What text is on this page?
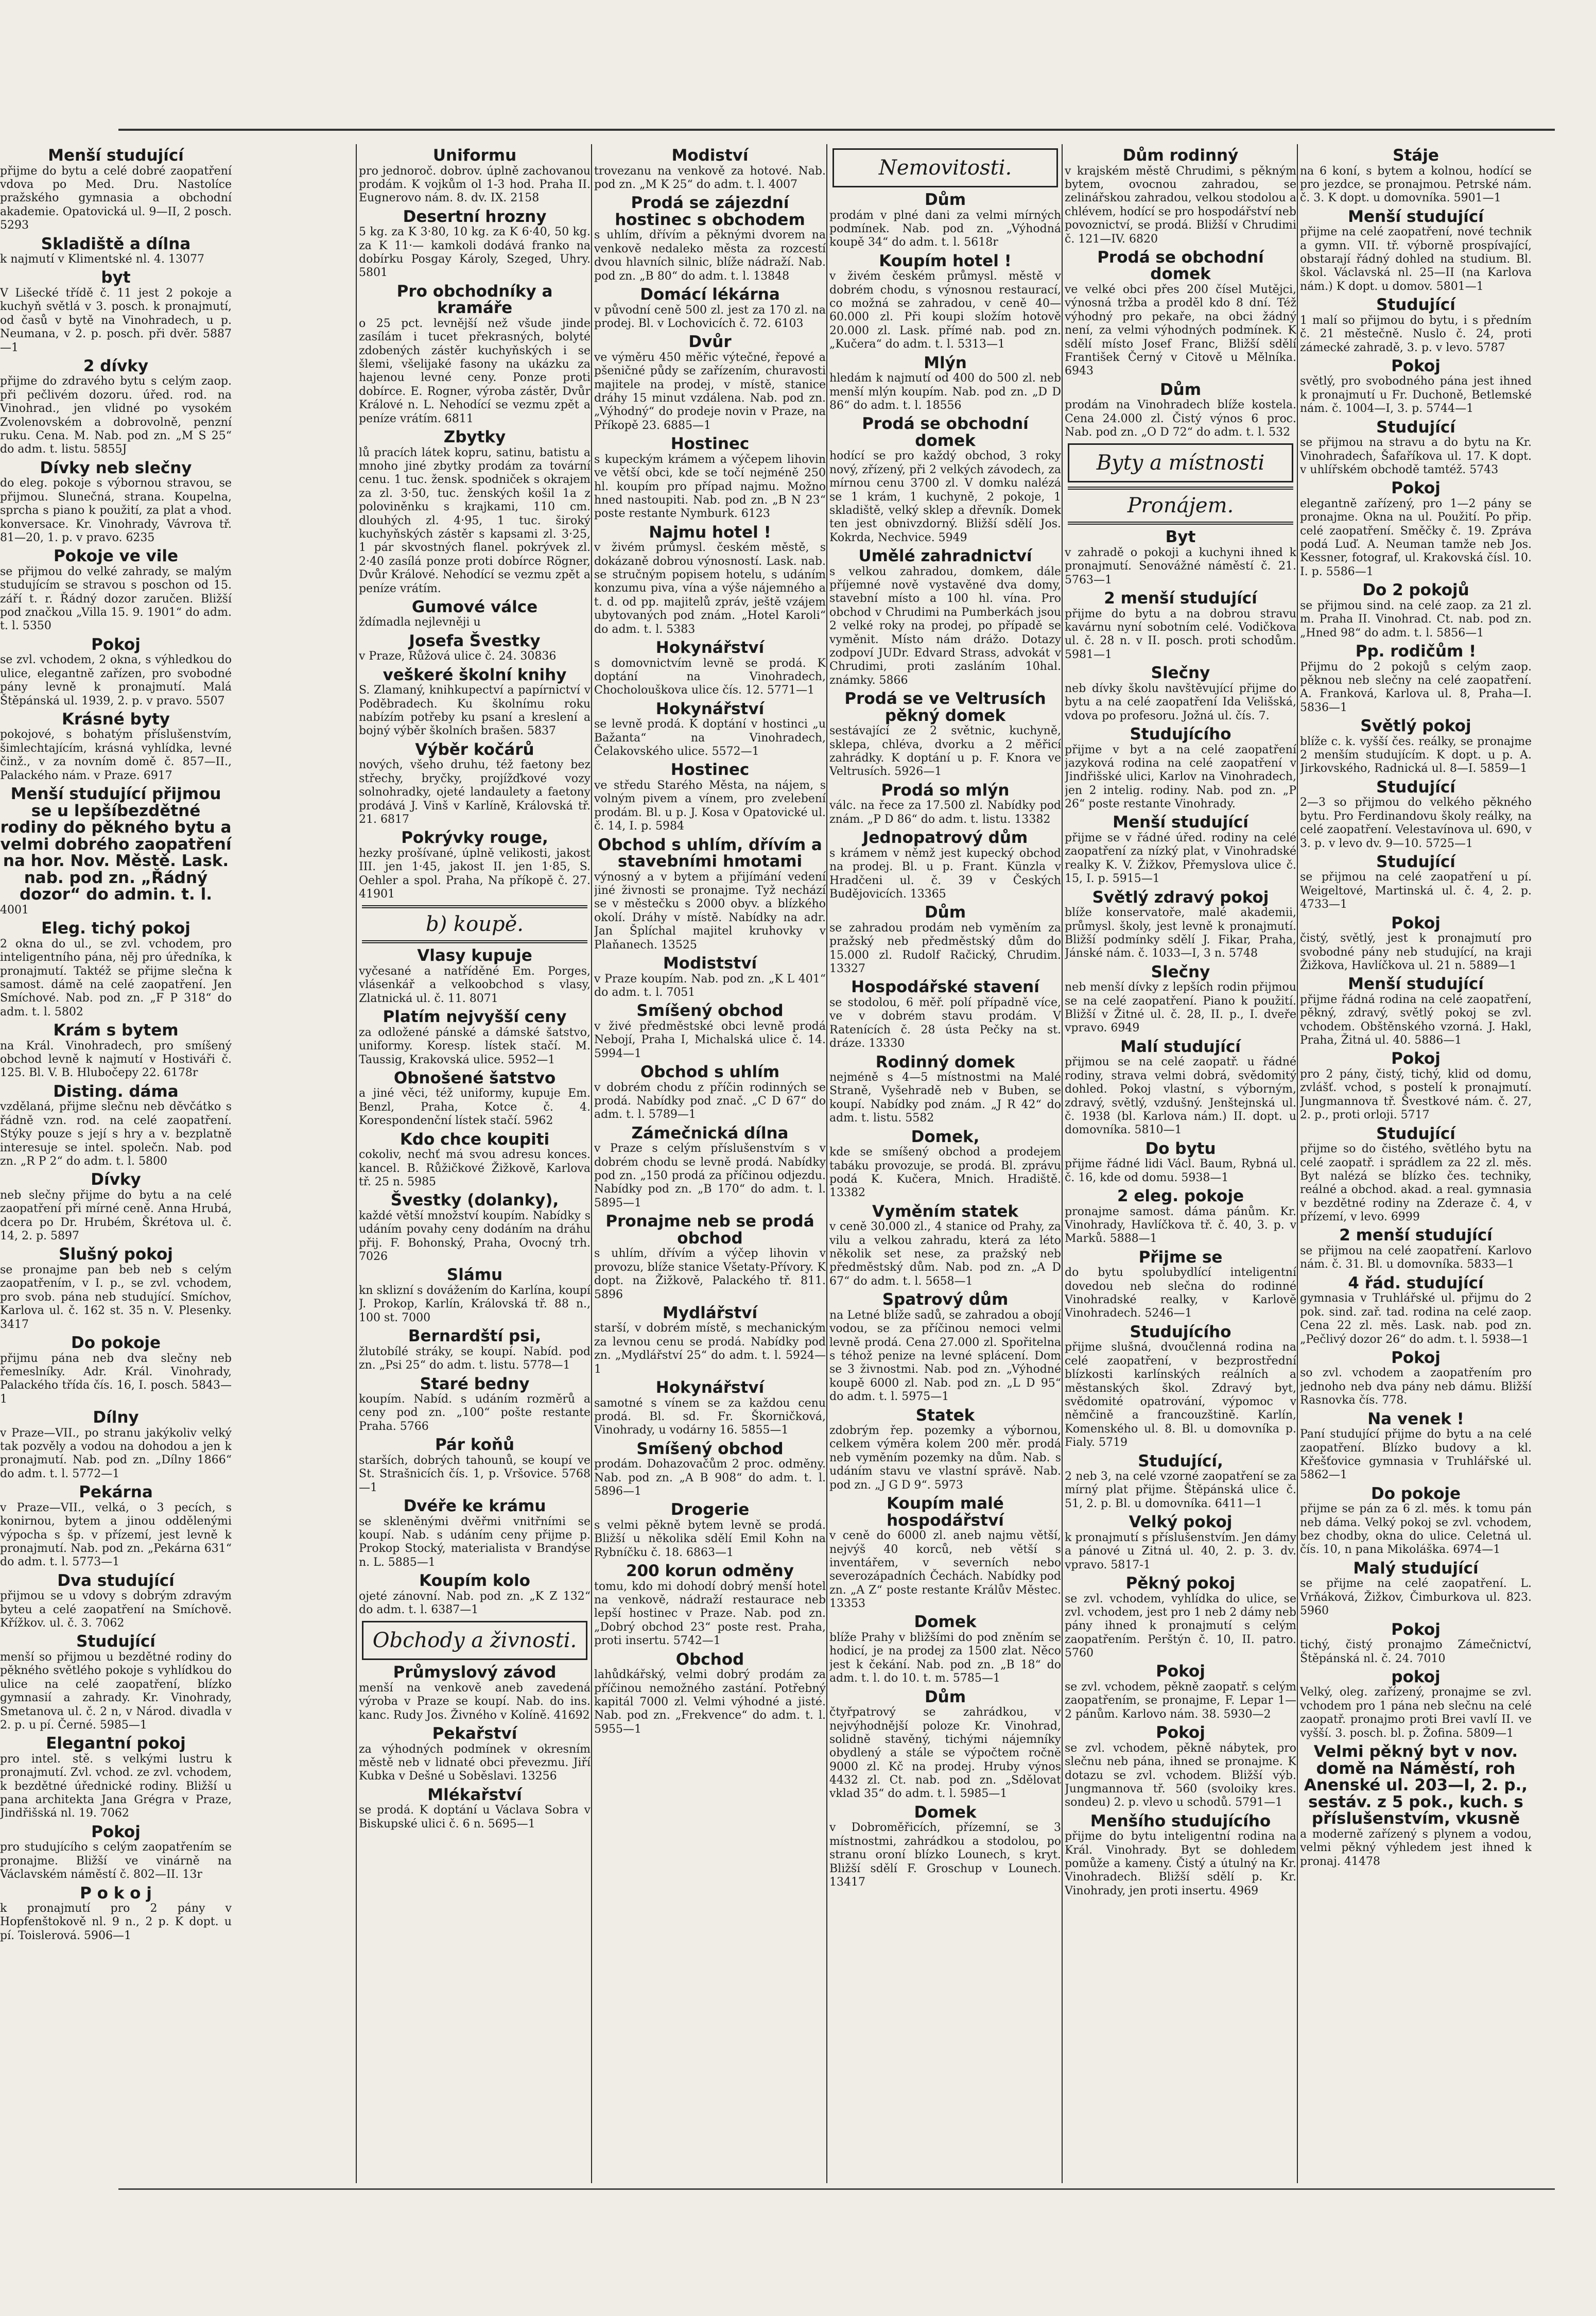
Uniformu
pro jednoroč. dobrov. úplně zachovanou prodám. K vojkům ol 1-3 hod. Praha II. Eugnerovo nám. 8. dv. IX. 2158
Desertní hrozny
5 kg. za K 3·80, 10 kg. za K 6·40, 50 kg. za K 11·— kamkoli dodává franko na dobírku Posgay Károly, Szeged, Uhry. 5801
Pro obchodníky a kramáře
o 25 pct. levnější než všude jinde zasílám i tucet překrasných, bolyté zdobených zástěr kuchyňských i se šlemi, všelijaké fasony na ukázku za hajenou levné ceny. Ponze proti dobírce. E. Rogner, výroba zástěr, Dvůr Králové n. L. Nehodící se vezmu zpět a peníze vrátím. 6811
Zbytky
lů pracích látek kopru, satinu, batistu a mnoho jiné zbytky prodám za tovární cenu. 1 tuc. žensk. spodniček s okrajem za zl. 3·50, tuc. ženských košil 1a z poloviněnku s krajkami, 110 cm. dlouhých zl. 4·95, 1 tuc. široký kuchyňských zástěr s kapsami zl. 3·25, 1 pár skvostných flanel. pokrývek zl. 2·40 zasílá ponze proti dobírce Rögner, Dvůr Králové. Nehodící se vezmu zpět a peníze vrátím.
Gumové válce
ždímadla nejlevněji u
Josefa Švestky
v Praze, Růžová ulice č. 24. 30836
veškeré školní knihy
S. Zlamaný, knihkupectví a papírnictví v Poděbradech. Ku školnímu roku nabízím potřeby ku psaní a kreslení a bojný výběr školních brašen. 5837
Výběr kočárů
nových, všeho druhu, též faetony bez střechy, bryčky, projížďkové vozy solnohradky, ojeté landaulety a faetony prodává J. Vinš v Karlíně, Královská tř. 21. 6817
Pokrývky rouge,
hezky prošívané, úplně velikosti, jakost III. jen 1·45, jakost II. jen 1·85, S. Oehler a spol. Praha, Na příkopě č. 27. 41901
b) koupě.
Vlasy kupuje
vyčesané a natříděné Em. Porges, vlásenkář a velkoobchod s vlasy, Zlatnická ul. č. 11. 8071
Platím nejvyšší ceny
za odložené pánské a dámské šatstvo, uniformy. Koresp. lístek stačí. M. Taussig, Krakovská ulice. 5952—1
Obnošené šatstvo
a jiné věci, též uniformy, kupuje Em. Benzl, Praha, Kotce č. 4. Korespondenční lístek stačí. 5962
Kdo chce koupiti
cokoliv, nechť má svou adresu konces. kancel. B. Růžičkové Žižkově, Karlova tř. 25 n. 5985
Švestky (dolanky),
každé větší množství koupím. Nabídky s udáním povahy ceny dodáním na dráhu přij. F. Bohonský, Praha, Ovocný trh. 7026
Slámu
kn sklizní s dovážením do Karlína, koupí J. Prokop, Karlín, Královská tř. 88 n., 100 st. 7000
Bernardští psi,
žlutobílé stráky, se koupí. Nabíd. pod zn. „Psi 25“ do adm. t. listu. 5778—1
Staré bedny
koupím. Nabíd. s udáním rozměrů a ceny pod zn. „100“ pošte restante Praha. 5766
Pár koňů
starších, dobrých tahounů, se koupí ve St. Strašnicích čís. 1, p. Vršovice. 5768—1
Dvéře ke krámu
se skleněnými dvěřmi vnitřními se koupí. Nab. s udáním ceny přijme p. Prokop Stocký, materialista v Brandýse n. L. 5885—1
Koupím kolo
ojeté zánovní. Nab. pod zn. „K Z 132“ do adm. t. l. 6387—1
Obchody a živnosti.
Průmyslový závod
menší na venkově aneb zavedená výroba v Praze se koupí. Nab. do ins. kanc. Rudy Jos. Živného v Kolíně. 41692
Pekařství
za výhodných podmínek v okresním městě neb v lidnaté obci převezmu. Jiří Kubka v Dešné u Soběslavi. 13256
Mlékařství
se prodá. K doptání u Václava Sobra v Biskupské ulici č. 6 n. 5695—1
Modiství
trovezanu na venkově za hotové. Nab. pod zn. „M K 25“ do adm. t. l. 4007
Prodá se zájezdní hostinec s obchodem
s uhlím, dřívím a pěknými dvorem na venkově nedaleko města za rozcestí dvou hlavních silnic, blíže nádraží. Nab. pod zn. „B 80“ do adm. t. l. 13848
Domácí lékárna
v původní ceně 500 zl. jest za 170 zl. na prodej. Bl. v Lochovicích č. 72. 6103
Dvůr
ve výměru 450 měřic výtečné, řepové a pšeničné půdy se zařízením, churavosti majitele na prodej, v místě, stanice dráhy 15 minut vzdálena. Nab. pod zn. „Výhodný“ do prodeje novin v Praze, na Příkopě 23. 6885—1
Hostinec
s kupeckým krámem a výčepem lihovin ve větší obci, kde se točí nejméně 250 hl. koupím pro případ najmu. Možno hned nastoupiti. Nab. pod zn. „B N 23“ poste restante Nymburk. 6123
Najmu hotel !
v živém průmysl. českém městě, s dokázaně dobrou výnosností. Lask. nab. se stručným popisem hotelu, s udáním konzumu piva, vína a výše nájemného a t. d. od pp. majitelů zpráv, ještě vzájem ubytovaných pod znám. „Hotel Karoli“ do adm. t. l. 5383
Hokynářství
s domovnictvím levně se prodá. K doptání na Vinohradech, Chocholouškova ulice čís. 12. 5771—1
Hokynářství
se levně prodá. K doptání v hostinci „u Bažanta“ na Vinohradech, Čelakovského ulice. 5572—1
Hostinec
ve středu Starého Města, na nájem, s volným pivem a vínem, pro zvelebení prodám. Bl. u p. J. Kosa v Opatovické ul. č. 14, I. p. 5984
Obchod s uhlím, dřívím a stavebními hmotami
výnosný a v bytem a přijímání vedení jiné živnosti se pronajme. Tyž nechází se v městečku s 2000 obyv. a blízkého okolí. Dráhy v místě. Nabídky na adr. Jan Šplíchal majitel kruhovky v Plaňanech. 13525
Modistství
v Praze koupím. Nab. pod zn. „K L 401“ do adm. t. l. 7051
Smíšený obchod
v živé předměstské obci levně prodá Nebojí, Praha I, Michalská ulice č. 14. 5994—1
Obchod s uhlím
v dobrém chodu z příčin rodinných se prodá. Nabídky pod znač. „C D 67“ do adm. t. l. 5789—1
Zámečnická dílna
v Praze s celým příslušenstvím s v dobrém chodu se levně prodá. Nabídky pod zn. „150 prodá za příčinou odjezdu. Nabídky pod zn. „B 170“ do adm. t. l. 5895—1
Pronajme neb se prodá obchod
s uhlím, dřívím a výčep lihovin v provozu, blíže stanice Všetaty-Přívory. K dopt. na Žižkově, Palackého tř. 811. 5896
Mydlářství
starší, v dobrém místě, s mechanickým za levnou cenu se prodá. Nabídky pod zn. „Mydlářství 25“ do adm. t. l. 5924—1
Hokynářství
samotné s vínem se za každou cenu prodá. Bl. sd. Fr. Škorničková, Vinohrady, u vodárny 16. 5855—1
Smíšený obchod
prodám. Dohazovačům 2 proc. odměny. Nab. pod zn. „A B 908“ do adm. t. l. 5896—1
Drogerie
s velmi pěkně bytem levně se prodá. Bližší u několika sdělí Emil Kohn na Rybníčku č. 18. 6863—1
200 korun odměny
tomu, kdo mi dohodí dobrý menší hotel na venkově, nádraží restaurace neb lepší hostinec v Praze. Nab. pod zn. „Dobrý obchod 23“ poste rest. Praha, proti insertu. 5742—1
Obchod
lahůdkářský, velmi dobrý prodám za příčinou nemožného zastání. Potřebný kapitál 7000 zl. Velmi výhodné a jisté. Nab. pod zn. „Frekvence“ do adm. t. l. 5955—1
Nemovitosti.
Dům
prodám v plné dani za velmi mírných podmínek. Nab. pod zn. „Výhodná koupě 34“ do adm. t. l. 5618r
Koupím hotel !
v živém českém průmysl. městě v dobrém chodu, s výnosnou restaurací, co možná se zahradou, v ceně 40—60.000 zl. Při koupi složím hotově 20.000 zl. Lask. přímé nab. pod zn. „Kučera“ do adm. t. l. 5313—1
Mlýn
hledám k najmutí od 400 do 500 zl. neb menší mlýn koupím. Nab. pod zn. „D D 86“ do adm. t. l. 18556
Prodá se obchodní domek
hodící se pro každý obchod, 3 roky nový, zřízený, při 2 velkých závodech, za mírnou cenu 3700 zl. V domku nalézá se 1 krám, 1 kuchyně, 2 pokoje, 1 skladiště, velký sklep a dřevník. Domek ten jest obnivzdorný. Bližší sdělí Jos. Kokrda, Nechvice. 5949
Umělé zahradnictví
s velkou zahradou, domkem, dále příjemné nově vystavěné dva domy, stavební místo a 100 hl. vína. Pro obchod v Chrudimi na Pumberkách jsou 2 velké roky na prodej, po případě se vyměnit. Místo nám drážo. Dotazy zodpoví JUDr. Edvard Strass, advokát v Chrudimi, proti zasláním 10hal. známky. 5866
Prodá se ve Veltrusích pěkný domek
sestávající ze 2 světnic, kuchyně, sklepa, chléva, dvorku a 2 měřicí zahrádky. K doptání u p. F. Knora ve Veltrusích. 5926—1
Prodá so mlýn
válc. na řece za 17.500 zl. Nabídky pod znám. „P D 86“ do adm. t. listu. 13382
Jednopatrový dům
s krámem v němž jest kupecký obchod na prodej. Bl. u p. Frant. Künzla v Hradčeni ul. č. 39 v Českých Budějovicích. 13365
Dům
se zahradou prodám neb vyměním za pražský neb předměstský dům do 15.000 zl. Rudolf Račický, Chrudim. 13327
Hospodářské stavení
se stodolou, 6 měř. polí případně více, ve v dobrém stavu prodám. V Ratenících č. 28 ústa Pečky na st. dráze. 13330
Rodinný domek
nejméně s 4—5 místnostmi na Malé Straně, Vyšehradě neb v Buben, se koupí. Nabídky pod znám. „J R 42“ do adm. t. listu. 5582
Domek,
kde se smíšený obchod a prodejem tabáku provozuje, se prodá. Bl. zprávu podá K. Kučera, Mnich. Hradiště. 13382
Vyměním statek
v ceně 30.000 zl., 4 stanice od Prahy, za vilu a velkou zahradu, která za léto několik set nese, za pražský neb předměstský dům. Nab. pod zn. „A D 67“ do adm. t. l. 5658—1
Spatrový dům
na Letné blíže sadů, se zahradou a obojí vodou, se za příčinou nemoci velmi levně prodá. Cena 27.000 zl. Spořitelna s téhož penize na levné splácení. Dom se 3 živnostmi. Nab. pod zn. „Výhodné koupě 6000 zl. Nab. pod zn. „L D 95“ do adm. t. l. 5975—1
Statek
zdobrým řep. pozemky a výbornou, celkem výměra kolem 200 měr. prodá neb vyměním pozemky na dům. Nab. s udáním stavu ve vlastní správě. Nab. pod zn. „J G D 9“. 5973
Koupím malé hospodářství
v ceně do 6000 zl. aneb najmu větší, nejvýš 40 korců, neb větší s inventářem, v severních nebo severozápadních Čechách. Nabídky pod zn. „A Z“ poste restante Králův Městec. 13353
Domek
blíže Prahy v bližšími do pod zněním se hodicí, je na prodej za 1500 zlat. Něco jest k čekání. Nab. pod zn. „B 18“ do adm. t. l. do 10. t. m. 5785—1
Dům
čtyřpatrový se zahrádkou, v nejvýhodnější poloze Kr. Vinohrad, solidně stavěný, tichými nájemníky obydlený a stále se výpočtem ročně 9000 zl. Kč na prodej. Hruby výnos 4432 zl. Ct. nab. pod zn. „Sdělovat vklad 35“ do adm. t. l. 5985—1
Domek
v Dobroměřicích, přízemní, se 3 místnostmi, zahrádkou a stodolou, po stranu oroní blízko Lounech, s kryt. Bližší sdělí F. Groschup v Lounech. 13417
Dům rodinný
v krajském městě Chrudimi, s pěkným bytem, ovocnou zahradou, se zelinářskou zahradou, velkou stodolou a chlévem, hodící se pro hospodářství neb povoznictví, se prodá. Bližší v Chrudimi č. 121—IV. 6820
Prodá se obchodní domek
ve velké obci přes 200 čísel Mutějci, výnosná tržba a proděl kdo 8 dní. Též výhodný pro pekaře, na obci žádný není, za velmi výhodných podmínek. K sdělí místo Josef Franc, Bližší sdělí František Černý v Citově u Mělníka. 6943
Dům
prodám na Vinohradech blíže kostela. Cena 24.000 zl. Čistý výnos 6 proc. Nab. pod zn. „O D 72“ do adm. t. l. 532
Byty a místnosti
Pronájem.
Byt
v zahradě o pokoji a kuchyni ihned k pronajmutí. Senovážné náměstí č. 21. 5763—1
2 menší studující
přijme do bytu a na dobrou stravu kavárnu nyní sobotním celé. Vodičkova ul. č. 28 n. v II. posch. proti schodům. 5981—1
Slečny
neb dívky školu navštěvující přijme do bytu a na celé zaopatření Ida Velišská, vdova po profesoru. Jožná ul. čís. 7.
Studujícího
přijme v byt a na celé zaopatření jazyková rodina na celé zaopatření v Jindřišské ulici, Karlov na Vinohradech, jen 2 intelig. rodiny. Nab. pod zn. „P 26“ poste restante Vinohrady.
Menší studující
přijme se v řádné úřed. rodiny na celé zaopatření za nízký plat, v Vinohradské realky K. V. Žižkov, Přemyslova ulice č. 15, I. p. 5915—1
Světlý zdravý pokoj
blíže konservatoře, malé akademii, průmysl. školy, jest levně k pronajmutí. Bližší podmínky sdělí J. Fikar, Praha, Jánské nám. č. 1033—I, 3 n. 5748
Slečny
neb menší dívky z lepších rodin přijmou se na celé zaopatření. Piano k použití. Bližší v Žitné ul. č. 28, II. p., I. dveře vpravo. 6949
Malí studující
přijmou se na celé zaopatř. u řádné rodiny, strava velmi dobrá, svědomitý dohled. Pokoj vlastní, s výborným, zdravý, světlý, vzdušný. Jenštejnská ul. č. 1938 (bl. Karlova nám.) II. dopt. u domovníka. 5810—1
Do bytu
přijme řádné lidi Václ. Baum, Rybná ul. č. 16, kde od domu. 5938—1
2 eleg. pokoje
pronajme samost. dáma pánům. Kr. Vinohrady, Havlíčkova tř. č. 40, 3. p. v Marků. 5888—1
Přijme se
do bytu spolubydlící inteligentní dovedou neb slečna do rodinné Vinohradské realky, v Karlově Vinohradech. 5246—1
Studujícího
přijme slušná, dvoučlenná rodina na celé zaopatření, v bezprostřední blízkosti karlínských reálních a městanských škol. Zdravý byt, svědomité opatrování, výpomoc v němčině a francouzštině. Karlín, Komenského ul. 8. Bl. u domovníka p. Fialy. 5719
Studující,
2 neb 3, na celé vzorné zaopatření se za mírný plat přijme. Štěpánská ulice č. 51, 2. p. Bl. u domovníka. 6411—1
Velký pokoj
k pronajmutí s příslušenstvím. Jen dámy a pánové u Zitná ul. 40, 2. p. 3. dv. vpravo. 5817-1
Pěkný pokoj
se zvl. vchodem, vyhlídka do ulice, se zvl. vchodem, jest pro 1 neb 2 dámy neb pány ihned k pronajmutí s celým zaopatřením. Perštýn č. 10, II. patro. 5760
Pokoj
se zvl. vchodem, pěkně zaopatř. s celým zaopatřením, se pronajme, F. Lepar 1—2 pánům. Karlovo nám. 38. 5930—2
Pokoj
se zvl. vchodem, pěkně nábytek, pro slečnu neb pána, ihned se pronajme. K dotazu se zvl. vchodem. Bližší výb. Jungmannova tř. 560 (svoloiky kres. sondeu) 2. p. vlevo u schodů. 5791—1
Menšího studujícího
přijme do bytu inteligentní rodina na Král. Vinohrady. Byt se dohledem pomůže a kameny. Čistý a útulný na Kr. Vinohradech. Bližší sdělí p. Kr. Vinohrady, jen proti insertu. 4969
Stáje
na 6 koní, s bytem a kolnou, hodící se pro jezdce, se pronajmou. Petrské nám. č. 3. K dopt. u domovníka. 5901—1
Menší studující
přijme na celé zaopatření, nové technik a gymn. VII. tř. výborně prospívající, obstarají řádný dohled na studium. Bl. škol. Václavská nl. 25—II (na Karlova nám.) K dopt. u domov. 5801—1
Studující
1 malí so přijmou do bytu, i s předním č. 21 městečně. Nuslo č. 24, proti zámecké zahradě, 3. p. v levo. 5787
Pokoj
světlý, pro svobodného pána jest ihned k pronajmutí u Fr. Duchoně, Betlemské nám. č. 1004—I, 3. p. 5744—1
Studující
se přijmou na stravu a do bytu na Kr. Vinohradech, Šafaříkova ul. 17. K dopt. v uhlířském obchodě tamtéž. 5743
Pokoj
elegantně zařízený, pro 1—2 pány se pronajme. Okna na ul. Použití. Po přip. celé zaopatření. Směčky č. 19. Zpráva podá Luď. A. Neuman tamže neb Jos. Kessner, fotograf, ul. Krakovská čísl. 10. I. p. 5586—1
Do 2 pokojů
se přijmou sind. na celé zaop. za 21 zl. m. Praha II. Vinohrad. Ct. nab. pod zn. „Hned 98“ do adm. t. l. 5856—1
Pp. rodičům !
Přijmu do 2 pokojů s celým zaop. pěknou neb slečny na celé zaopatření. A. Franková, Karlova ul. 8, Praha—I. 5836—1
Světlý pokoj
blíže c. k. vyšší čes. reálky, se pronajme 2 menším studujícím. K dopt. u p. A. Jirkovského, Radnická ul. 8—I. 5859—1
Studující
2—3 so přijmou do velkého pěkného bytu. Pro Ferdinandovu školy reálky, na celé zaopatření. Velestavínova ul. 690, v 3. p. v levo dv. 9—10. 5725—1
Studující
se přijmou na celé zaopatření u pí. Weigeltové, Martinská ul. č. 4, 2. p. 4733—1
Pokoj
čistý, světlý, jest k pronajmutí pro svobodné pány neb studující, na kraji Žižkova, Havlíčkova ul. 21 n. 5889—1
Menší studující
přijme řádná rodina na celé zaopatření, pěkný, zdravý, světlý pokoj se zvl. vchodem. Obštěnského vzorná. J. Hakl, Praha, Žitná ul. 40. 5886—1
Pokoj
pro 2 pány, čistý, tichý, klid od domu, zvlášť. vchod, s postelí k pronajmutí. Jungmannova tř. Švestkové nám. č. 27, 2. p., proti orloji. 5717
Studující
přijme so do čistého, světlého bytu na celé zaopatř. i sprádlem za 22 zl. měs. Byt nalézá se blízko čes. techniky, reálné a obchod. akad. a real. gymnasia v bezdětné rodiny na Zderaze č. 4, v přízemí, v levo. 6999
2 menší studující
se přijmou na celé zaopatření. Karlovo nám. č. 31. Bl. u domovníka. 5833—1
4 řád. studující
gymnasia v Truhlářské ul. přijmu do 2 pok. sind. zař. tad. rodina na celé zaop. Cena 22 zl. měs. Lask. nab. pod zn. „Pečlivý dozor 26“ do adm. t. l. 5938—1
Pokoj
so zvl. vchodem a zaopatřením pro jednoho neb dva pány neb dámu. Bližší Rasnovka čís. 778.
Na venek !
Paní studující přijme do bytu a na celé zaopatření. Blízko budovy a kl. Křešťovice gymnasia v Truhlářské ul. 5862—1
Do pokoje
přijme se pán za 6 zl. měs. k tomu pán neb dáma. Velký pokoj se zvl. vchodem, bez chodby, okna do ulice. Celetná ul. čís. 10, n pana Mikoláška. 6974—1
Malý studující
se přijme na celé zaopatření. L. Vrňáková, Žižkov, Čimburkova ul. 823. 5960
Pokoj
tichý, čistý pronajmo Zámečnictví, Štěpánská nl. č. 24. 7010
pokoj
Velký, oleg. zařízený, pronajme se zvl. vchodem pro 1 pána neb slečnu na celé zaopatř. pronajmo proti Brei vavlí II. ve vyšší. 3. posch. bl. p. Žofina. 5809—1
Velmi pěkný byt v nov. domě na Náměstí, roh Anenské ul. 203—I, 2. p., sestáv. z 5 pok., kuch. s příslušenstvím, vkusně
a moderně zařízený s plynem a vodou, velmi pěkný výhledem jest ihned k pronaj. 41478
Menší studující
přijme do bytu a celé dobré zaopatření vdova po Med. Dru. Nastolíce pražského gymnasia a obchodní akademie. Opatovická ul. 9—II, 2 posch. 5293
Skladiště a dílna
k najmutí v Klimentské nl. 4. 13077
byt
V Lišecké třídě č. 11 jest 2 pokoje a kuchyň světlá v 3. posch. k pronajmutí, od časů v bytě na Vinohradech, u p. Neumana, v 2. p. posch. při dvěr. 5887—1
2 dívky
přijme do zdravého bytu s celým zaop. při pečlivém dozoru. úřed. rod. na Vinohrad., jen vlidné po vysokém Zvolenovském a dobrovolně, penzní ruku. Cena. M. Nab. pod zn. „M S 25“ do adm. t. listu. 5855J
Dívky neb slečny
do eleg. pokoje s výbornou stravou, se přijmou. Slunečná, strana. Koupelna, sprcha s piano k použití, za plat a vhod. konversace. Kr. Vinohrady, Vávrova tř. 81—20, 1. p. v pravo. 6235
Pokoje ve vile
se přijmou do velké zahrady, se malým studujícím se stravou s poschon od 15. září t. r. Řádný dozor zaručen. Bližší pod značkou „Villa 15. 9. 1901“ do adm. t. l. 5350
Pokoj
se zvl. vchodem, 2 okna, s výhledkou do ulice, elegantně zařízen, pro svobodné pány levně k pronajmutí. Malá Štěpánská ul. 1939, 2. p. v pravo. 5507
Krásné byty
pokojové, s bohatým příslušenstvím, šimlechtajícím, krásná vyhlídka, levné činž., v za novním domě č. 857—II., Palackého nám. v Praze. 6917
Menší studující přijmou se u lepšíbezdětné rodiny do pěkného bytu a velmi dobrého zaopatření na hor. Nov. Městě. Lask. nab. pod zn. „Řádný dozor“ do admin. t. l.
4001
Eleg. tichý pokoj
2 okna do ul., se zvl. vchodem, pro inteligentního pána, něj pro úředníka, k pronajmutí. Taktéž se přijme slečna k samost. dámě na celé zaopatření. Jen Smíchové. Nab. pod zn. „F P 318“ do adm. t. l. 5802
Krám s bytem
na Král. Vinohradech, pro smíšený obchod levně k najmutí v Hostiváři č. 125. Bl. V. B. Hlubočepy 22. 6178r
Disting. dáma
vzdělaná, přijme slečnu neb děvčátko s řádně vzn. rod. na celé zaopatření. Stýky pouze s její s hry a v. bezplatně interesuje se intel. společn. Nab. pod zn. „R P 2“ do adm. t. l. 5800
Dívky
neb slečny přijme do bytu a na celé zaopatření při mírné ceně. Anna Hrubá, dcera po Dr. Hrubém, Škrétova ul. č. 14, 2. p. 5897
Slušný pokoj
se pronajme pan beb neb s celým zaopatřením, v I. p., se zvl. vchodem, pro svob. pána neb studující. Smíchov, Karlova ul. č. 162 st. 35 n. V. Plesenky. 3417
Do pokoje
přijmu pána neb dva slečny neb řemeslníky. Adr. Král. Vinohrady, Palackého třída čís. 16, I. posch. 5843—1
Dílny
v Praze—VII., po stranu jakýkoliv velký tak pozvěly a vodou na dohodou a jen k pronajmutí. Nab. pod zn. „Dílny 1866“ do adm. t. l. 5772—1
Pekárna
v Praze—VII., velká, o 3 pecích, s konirnou, bytem a jinou oddělenými výpocha s šp. v přízemí, jest levně k pronajmutí. Nab. pod zn. „Pekárna 631“ do adm. t. l. 5773—1
Dva studující
přijmou se u vdovy s dobrým zdravým byteu a celé zaopatření na Smíchově. Křížkov. ul. č. 3. 7062
Studující
menší so přijmou u bezdětné rodiny do pěkného světlého pokoje s vyhlídkou do ulice na celé zaopatření, blízko gymnasií a zahrady. Kr. Vinohrady, Smetanova ul. č. 2 n, v Národ. divadla v 2. p. u pí. Černé. 5985—1
Elegantní pokoj
pro intel. stě. s velkými lustru k pronajmutí. Zvl. vchod. ze zvl. vchodem, k bezdětné úřednické rodiny. Bližší u pana architekta Jana Grégra v Praze, Jindřišská nl. 19. 7062
Pokoj
pro studujícího s celým zaopatřením se pronajme. Bližší ve vinárně na Václavském náměstí č. 802—II. 13r
P o k o j
k pronajmutí pro 2 pány v Hopfenštokově nl. 9 n., 2 p. K dopt. u pí. Toislerová. 5906—1
